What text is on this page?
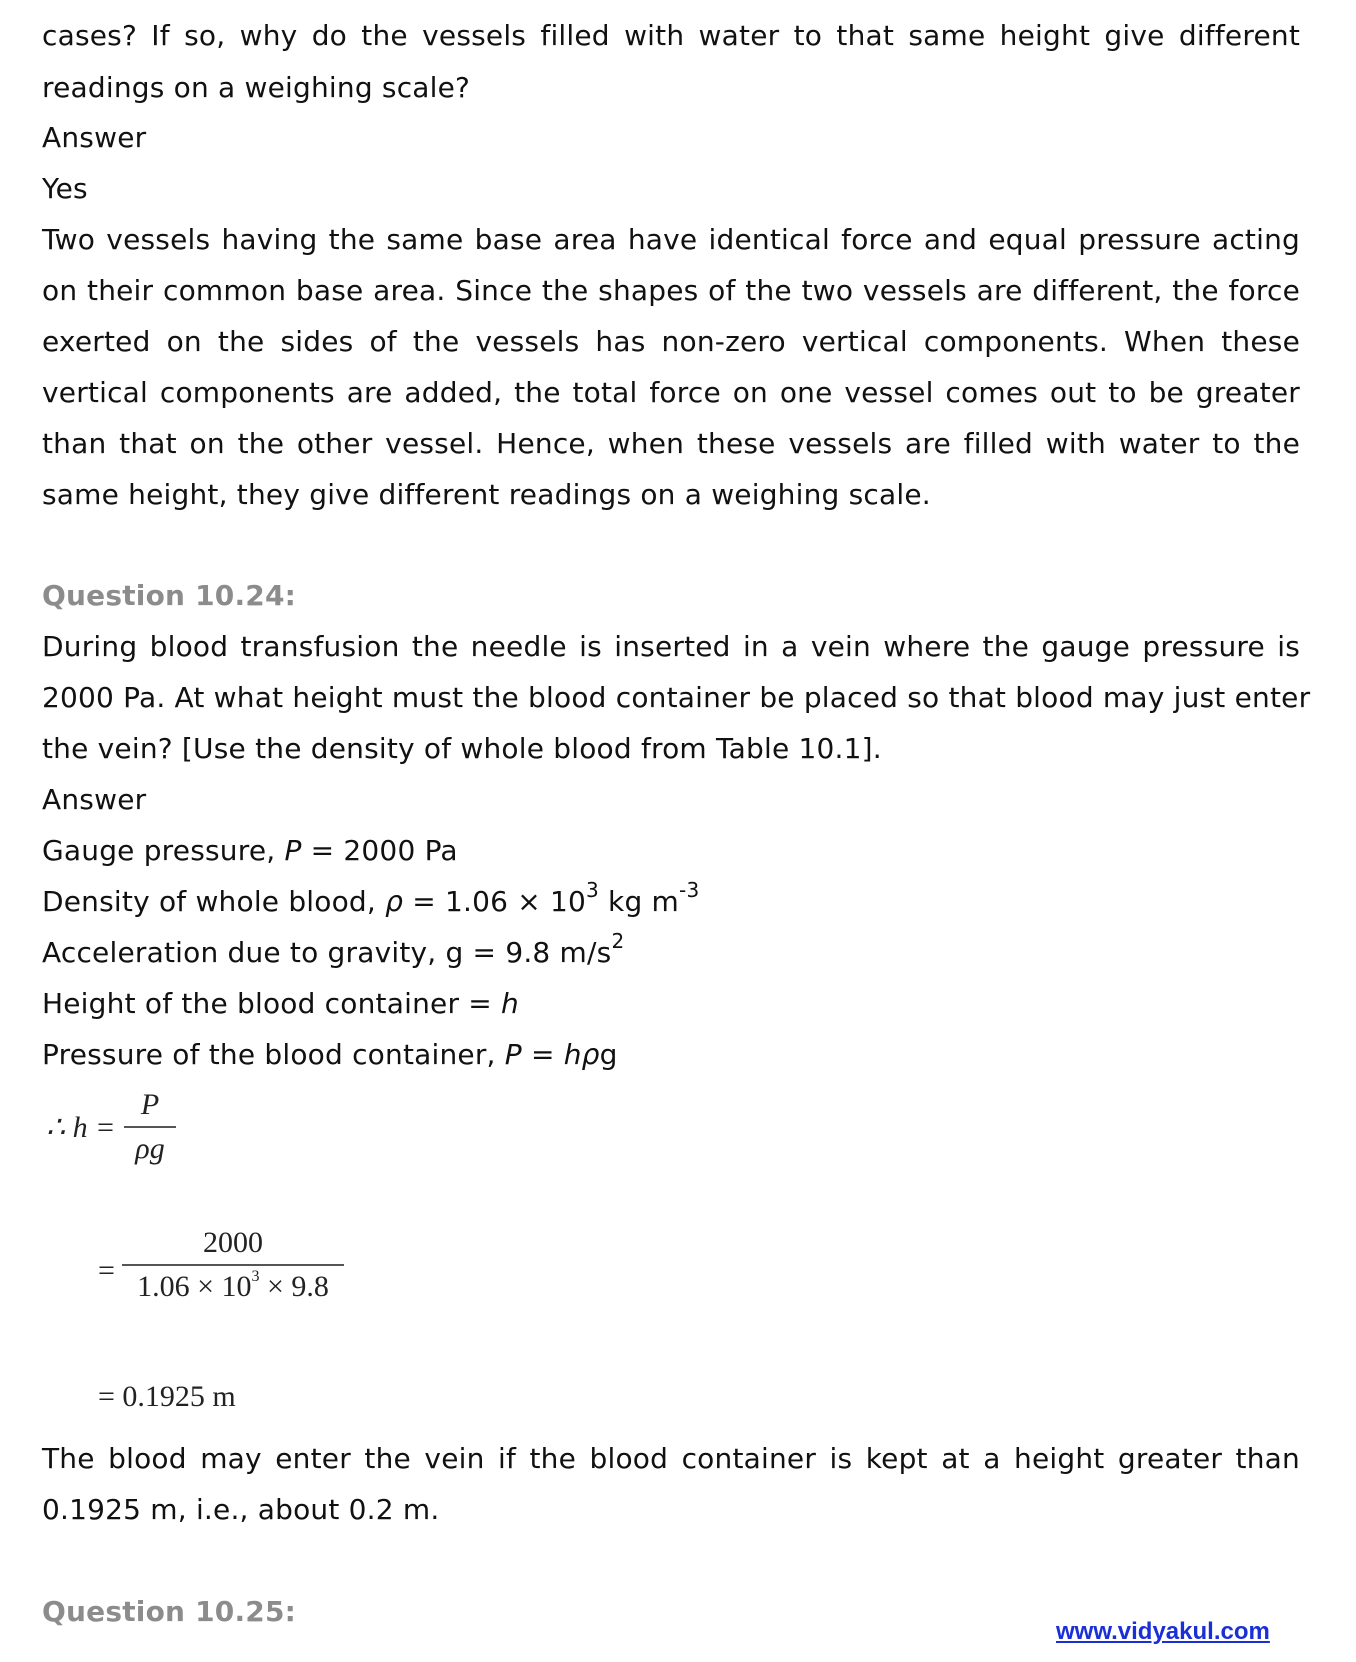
cases? If so, why do the vessels filled with water to that same height give different
readings on a weighing scale?
Answer
Yes
Two vessels having the same base area have identical force and equal pressure acting
on their common base area. Since the shapes of the two vessels are different, the force
exerted on the sides of the vessels has non-zero vertical components. When these
vertical components are added, the total force on one vessel comes out to be greater
than that on the other vessel. Hence, when these vessels are filled with water to the
same height, they give different readings on a weighing scale.
Question 10.24:
During blood transfusion the needle is inserted in a vein where the gauge pressure is
2000 Pa. At what height must the blood container be placed so that blood may just enter
the vein? [Use the density of whole blood from Table 10.1].
Answer
Gauge pressure, P = 2000 Pa
Density of whole blood, $\rho = 1.06 \times 10^3$ kg $m^{-3}$
Acceleration due to gravity, g = 9.8 $m/s^2$
Height of the blood container = h
Pressure of the blood container, P = hρg
∴ $h = \frac{P}{\rho g}$
= $\frac{2000}{1.06 \times 10^3 \times 9.8}$
= 0.1925 m
The blood may enter the vein if the blood container is kept at a height greater than
0.1925 m, i.e., about 0.2 m.
Question 10.25:
www.vidyakul.com
